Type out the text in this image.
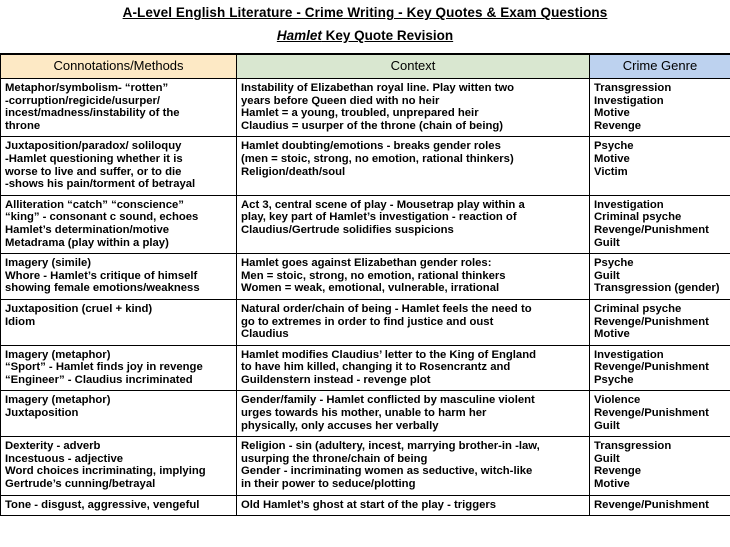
A-Level English Literature - Crime Writing - Key Quotes & Exam Questions
Hamlet Key Quote Revision
Connotations/Methods	Context	Crime Genre

Metaphor/symbolism- “rotten”
-corruption/regicide/usurper/
incest/madness/instability of the
throne	Instability of Elizabethan royal line. Play witten two
years before Queen died with no heir
Hamlet = a young, troubled, unprepared heir
Claudius = usurper of the throne (chain of being)	Transgression
Investigation
Motive
Revenge

Juxtaposition/paradox/ soliloquy
-Hamlet questioning whether it is
worse to live and suffer, or to die
-shows his pain/torment of betrayal	Hamlet doubting/emotions - breaks gender roles
(men = stoic, strong, no emotion, rational thinkers)
Religion/death/soul	Psyche
Motive
Victim

Alliteration “catch” “conscience”
“king” - consonant c sound, echoes
Hamlet’s determination/motive
Metadrama (play within a play)	Act 3, central scene of play - Mousetrap play within a
play, key part of Hamlet’s investigation - reaction of
Claudius/Gertrude solidifies suspicions	Investigation
Criminal psyche
Revenge/Punishment
Guilt

Imagery (simile)
Whore - Hamlet’s critique of himself
showing female emotions/weakness	Hamlet goes against Elizabethan gender roles:
Men = stoic, strong, no emotion, rational thinkers
Women = weak, emotional, vulnerable, irrational	Psyche
Guilt
Transgression (gender)

Juxtaposition (cruel + kind)
Idiom	Natural order/chain of being - Hamlet feels the need to
go to extremes in order to find justice and oust
Claudius	Criminal psyche
Revenge/Punishment
Motive

Imagery (metaphor)
“Sport” - Hamlet finds joy in revenge
“Engineer” - Claudius incriminated	Hamlet modifies Claudius’ letter to the King of England
to have him killed, changing it to Rosencrantz and
Guildenstern instead - revenge plot	Investigation
Revenge/Punishment
Psyche

Imagery (metaphor)
Juxtaposition	Gender/family - Hamlet conflicted by masculine violent
urges towards his mother, unable to harm her
physically, only accuses her verbally	Violence
Revenge/Punishment
Guilt

Dexterity - adverb
Incestuous - adjective
Word choices incriminating, implying
Gertrude’s cunning/betrayal	Religion - sin (adultery, incest, marrying brother-in -law,
usurping the throne/chain of being
Gender - incriminating women as seductive, witch-like
in their power to seduce/plotting	Transgression
Guilt
Revenge
Motive

Tone - disgust, aggressive, vengeful	Old Hamlet’s ghost at start of the play - triggers	Revenge/Punishment
